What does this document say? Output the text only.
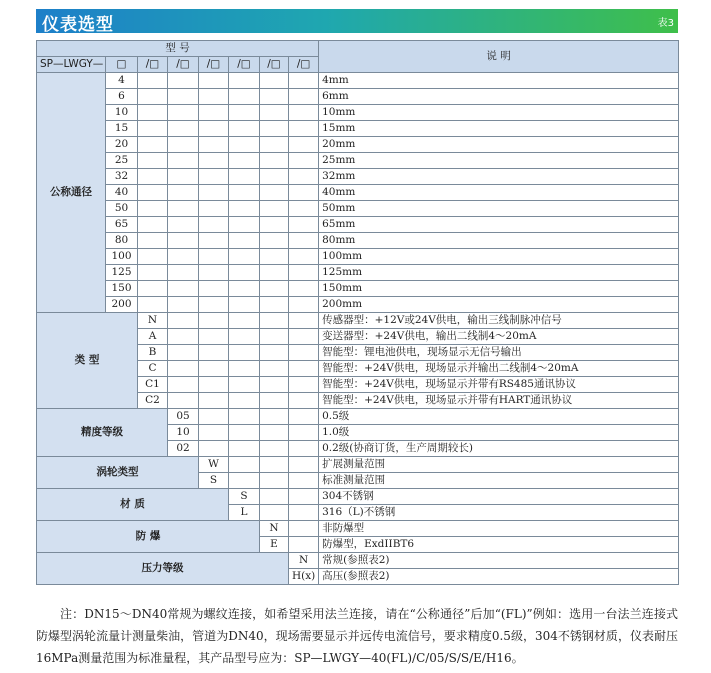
仪表选型	表3
型 号								说 明
SP—LWGY—	□	/□	/□	/□	/□	/□	/□	
公称通径	4							4mm
	6							6mm
	10							10mm
	15							15mm
	20							20mm
	25							25mm
	32							32mm
	40							40mm
	50							50mm
	65							65mm
	80							80mm
	100							100mm
	125							125mm
	150							150mm
	200							200mm
类 型		N						传感器型：+12V或24V供电，输出三线制脉冲信号
		A						变送器型：+24V供电，输出二线制4～20mA
		B						智能型：锂电池供电，现场显示无信号输出
		C						智能型：+24V供电，现场显示并输出二线制4～20mA
		C1						智能型：+24V供电，现场显示并带有RS485通讯协议
		C2						智能型：+24V供电，现场显示并带有HART通讯协议
精度等级			05					0.5级
			10					1.0级
			02					0.2级(协商订货，生产周期较长)
涡轮类型				W				扩展测量范围
				S				标准测量范围
材 质					S			304不锈钢
					L			316（L)不锈钢
防 爆						N		非防爆型
						E		防爆型，ExdIIBT6
压力等级							N	常规(参照表2)
							H(x)	高压(参照表2)
注：DN15～DN40常规为螺纹连接，如希望采用法兰连接，请在“公称通径”后加“(FL)”例如：选用一台法兰连接式防爆型涡轮流量计测量柴油，管道为DN40，现场需要显示并远传电流信号，要求精度0.5级，304不锈钢材质，仪表耐压16MPa测量范围为标准量程，其产品型号应为：SP—LWGY—40(FL)/C/05/S/S/E/H16。
